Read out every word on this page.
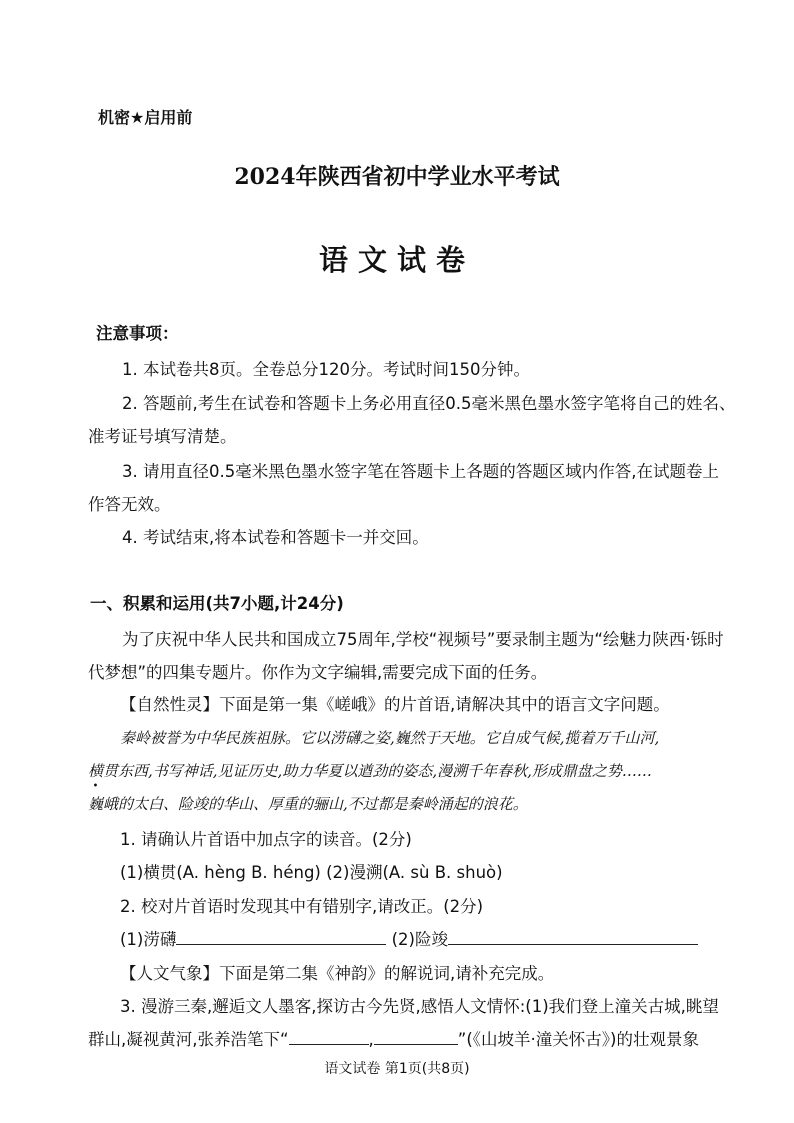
机密★启用前
2024年陕西省初中学业水平考试
语文试卷
注意事项：
1. 本试卷共8页。全卷总分120分。考试时间150分钟。
2. 答题前,考生在试卷和答题卡上务必用直径0.5毫米黑色墨水签字笔将自己的姓名、
准考证号填写清楚。
3. 请用直径0.5毫米黑色墨水签字笔在答题卡上各题的答题区域内作答,在试题卷上
作答无效。
4. 考试结束,将本试卷和答题卡一并交回。
一、积累和运用(共7小题,计24分)
为了庆祝中华人民共和国成立75周年,学校“视频号”要录制主题为“绘魅力陕西·铄时
代梦想”的四集专题片。你作为文字编辑,需要完成下面的任务。
【自然性灵】下面是第一集《嵯峨》的片首语,请解决其中的语言文字问题。
秦岭被誉为中华民族祖脉。它以涝礴之姿,巍然于天地。它自成气候,揽着万千山河,
横贯东西,书写神话,见证历史,助力华夏以遒劲的姿态,漫溯千年春秋,形成鼎盘之势……
巍峨的太白、险竣的华山、厚重的骊山,不过都是秦岭涌起的浪花。
1. 请确认片首语中加点字的读音。(2分)
(1)横贯(A. hèng B. héng) (2)漫溯(A. sù B. shuò)
2. 校对片首语时发现其中有错别字,请改正。(2分)
(1)涝礴	(2)险竣
【人文气象】下面是第二集《神韵》的解说词,请补充完成。
3. 漫游三秦,邂逅文人墨客,探访古今先贤,感悟人文情怀:(1)我们登上潼关古城,眺望
群山,凝视黄河,张养浩笔下“	,	”(《山坡羊·潼关怀古》)的壮观景象
语文试卷 第1页(共8页)
